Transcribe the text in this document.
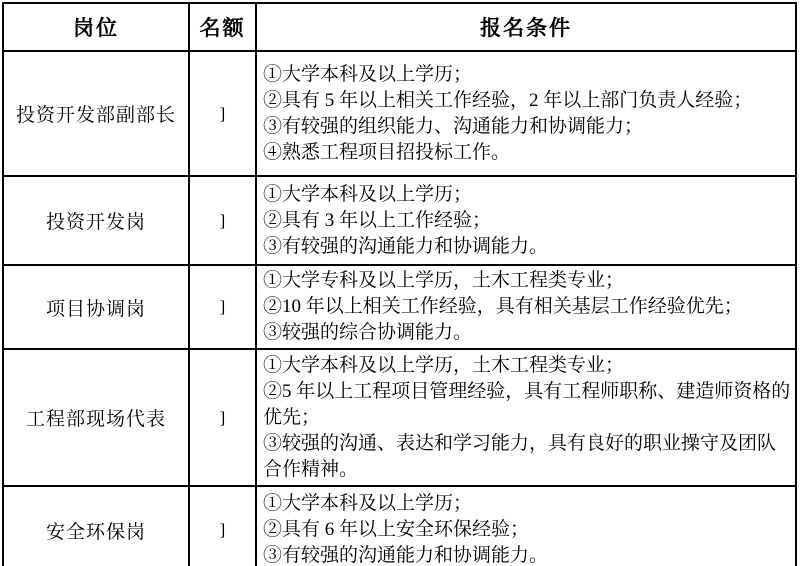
岗位	名额	报名条件
投资开发部副部长	]	①大学本科及以上学历；
②具有 5 年以上相关工作经验，2 年以上部门负责人经验；
③有较强的组织能力、沟通能力和协调能力；
④熟悉工程项目招投标工作。

投资开发岗	]	①大学本科及以上学历；
②具有 3 年以上工作经验；
③有较强的沟通能力和协调能力。

项目协调岗	]	①大学专科及以上学历，土木工程类专业；
②10 年以上相关工作经验，具有相关基层工作经验优先；
③较强的综合协调能力。

工程部现场代表	]	①大学本科及以上学历，土木工程类专业；
②5 年以上工程项目管理经验，具有工程师职称、建造师资格的优先；
③较强的沟通、表达和学习能力，具有良好的职业操守及团队合作精神。

安全环保岗	]	①大学本科及以上学历；
②具有 6 年以上安全环保经验；
③有较强的沟通能力和协调能力。
